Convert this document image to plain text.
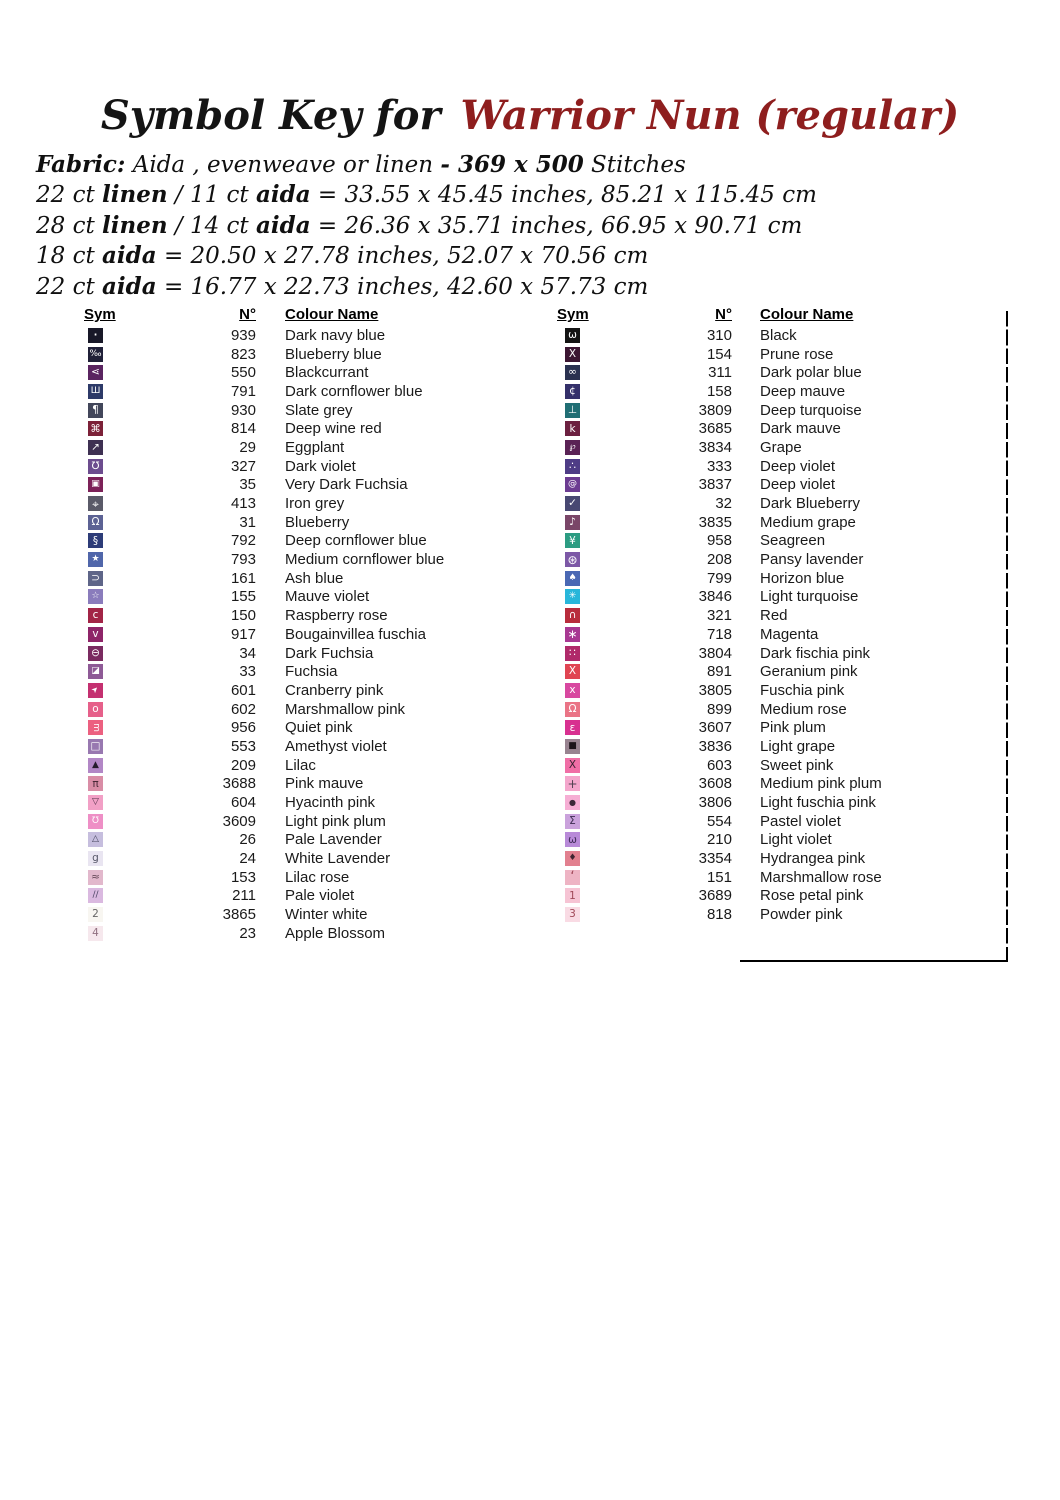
Symbol Key for Warrior Nun (regular)
Fabric: Aida , evenweave or linen - 369 x 500 Stitches
22 ct linen / 11 ct aida = 33.55 x 45.45 inches, 85.21 x 115.45 cm
28 ct linen / 14 ct aida = 26.36 x 35.71 inches, 66.95 x 90.71 cm
18 ct aida = 20.50 x 27.78 inches, 52.07 x 70.56 cm
22 ct aida = 16.77 x 22.73 inches, 42.60 x 57.73 cm
Sym	N° Colour Name
·	939 Dark navy blue
‰	823 Blueberry blue
⋖	550 Blackcurrant
Ш	791 Dark cornflower blue
¶	930 Slate grey
⌘	814 Deep wine red
↗	29 Eggplant
℧	327 Dark violet
▣	35 Very Dark Fuchsia
⌖	413 Iron grey
Ω	31 Blueberry
§	792 Deep cornflower blue
★	793 Medium cornflower blue
⊃	161 Ash blue
☆	155 Mauve violet
c	150 Raspberry rose
v	917 Bougainvillea fuschia
⊖	34 Dark Fuchsia
◪	33 Fuchsia
➤	601 Cranberry pink
o	602 Marshmallow pink
m	956 Quiet pink
□	553 Amethyst violet
▲	209 Lilac
π	3688 Pink mauve
▽	604 Hyacinth pink
Ʊ	3609 Light pink plum
△	26 Pale Lavender
g	24 White Lavender
≈	153 Lilac rose
//	211 Pale violet
2	3865 Winter white
4	23 Apple Blossom
Sym	N° Colour Name
ω	310 Black
X	154 Prune rose
∞	311 Dark polar blue
¢	158 Deep mauve
⊥	3809 Deep turquoise
k	3685 Dark mauve
℘	3834 Grape
∴	333 Deep violet
@	3837 Deep violet
✓	32 Dark Blueberry
♪	3835 Medium grape
¥	958 Seagreen
⊛	208 Pansy lavender
♠	799 Horizon blue
✳	3846 Light turquoise
∩	321 Red
∗	718 Magenta
∷	3804 Dark fischia pink
X	891 Geranium pink
x	3805 Fuschia pink
Ω	899 Medium rose
ε	3607 Pink plum
■	3836 Light grape
X	603 Sweet pink
+	3608 Medium pink plum
●	3806 Light fuschia pink
Σ	554 Pastel violet
ω	210 Light violet
♦	3354 Hydrangea pink
‘	151 Marshmallow rose
1	3689 Rose petal pink
3	818 Powder pink
